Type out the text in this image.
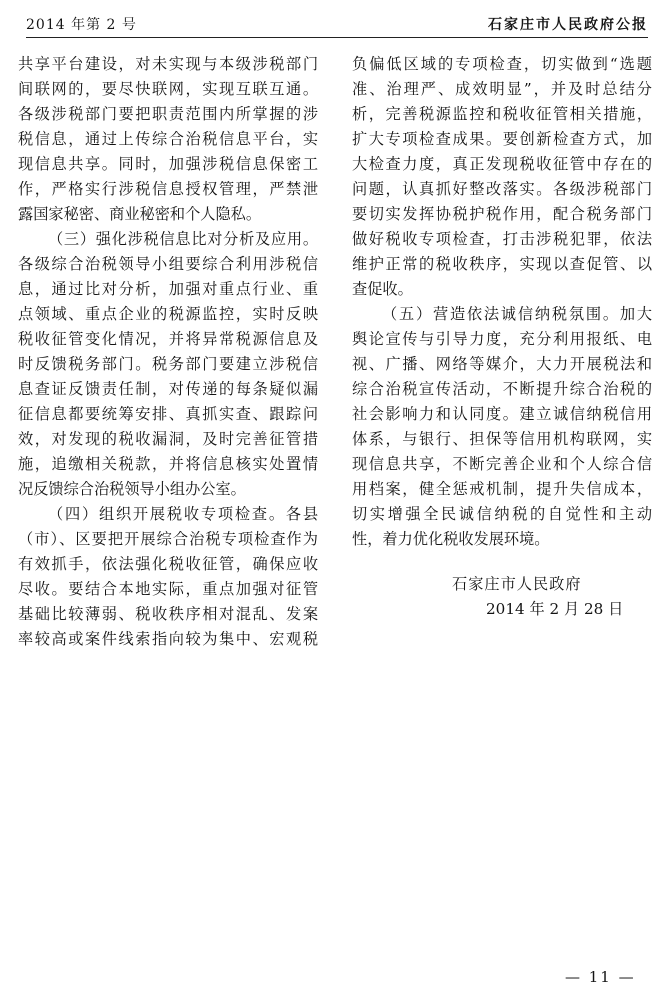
2014 年第 2 号	石家庄市人民政府公报
共享平台建设，对未实现与本级涉税部门
间联网的，要尽快联网，实现互联互通。
各级涉税部门要把职责范围内所掌握的涉
税信息，通过上传综合治税信息平台，实
现信息共享。同时，加强涉税信息保密工
作，严格实行涉税信息授权管理，严禁泄
露国家秘密、商业秘密和个人隐私。
（三）强化涉税信息比对分析及应用。
各级综合治税领导小组要综合利用涉税信
息，通过比对分析，加强对重点行业、重
点领域、重点企业的税源监控，实时反映
税收征管变化情况，并将异常税源信息及
时反馈税务部门。税务部门要建立涉税信
息查证反馈责任制，对传递的每条疑似漏
征信息都要统筹安排、真抓实查、跟踪问
效，对发现的税收漏洞，及时完善征管措
施，追缴相关税款，并将信息核实处置情
况反馈综合治税领导小组办公室。
（四）组织开展税收专项检查。各县
（市）、区要把开展综合治税专项检查作为
有效抓手，依法强化税收征管，确保应收
尽收。要结合本地实际，重点加强对征管
基础比较薄弱、税收秩序相对混乱、发案
率较高或案件线索指向较为集中、宏观税
负偏低区域的专项检查，切实做到“选题
准、治理严、成效明显”，并及时总结分
析，完善税源监控和税收征管相关措施，
扩大专项检查成果。要创新检查方式，加
大检查力度，真正发现税收征管中存在的
问题，认真抓好整改落实。各级涉税部门
要切实发挥协税护税作用，配合税务部门
做好税收专项检查，打击涉税犯罪，依法
维护正常的税收秩序，实现以查促管、以
查促收。
（五）营造依法诚信纳税氛围。加大
舆论宣传与引导力度，充分利用报纸、电
视、广播、网络等媒介，大力开展税法和
综合治税宣传活动，不断提升综合治税的
社会影响力和认同度。建立诚信纳税信用
体系，与银行、担保等信用机构联网，实
现信息共享，不断完善企业和个人综合信
用档案，健全惩戒机制，提升失信成本，
切实增强全民诚信纳税的自觉性和主动
性，着力优化税收发展环境。
石家庄市人民政府
2014 年 2 月 28 日
— 11 —
